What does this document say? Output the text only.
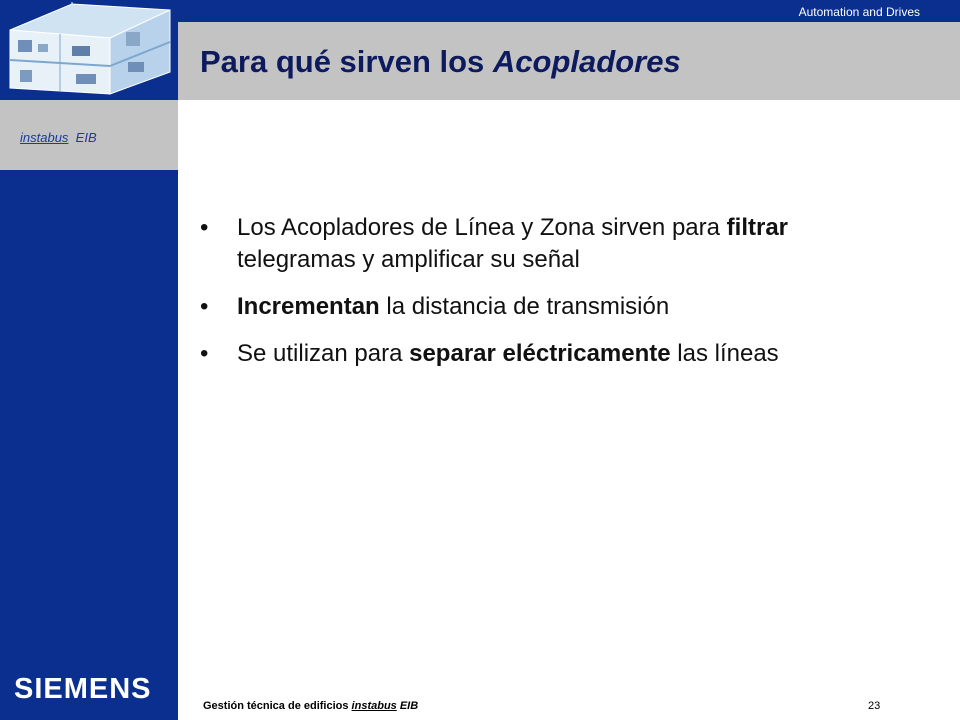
instabus EIB
SIEMENS
Automation and Drives
Para qué sirven los Acopladores
•	Los Acopladores de Línea y Zona sirven para filtrar telegramas y amplificar su señal
•	Incrementan la distancia de transmisión
•	Se utilizan para separar eléctricamente las líneas
Gestión técnica de edificios instabus EIB	23
